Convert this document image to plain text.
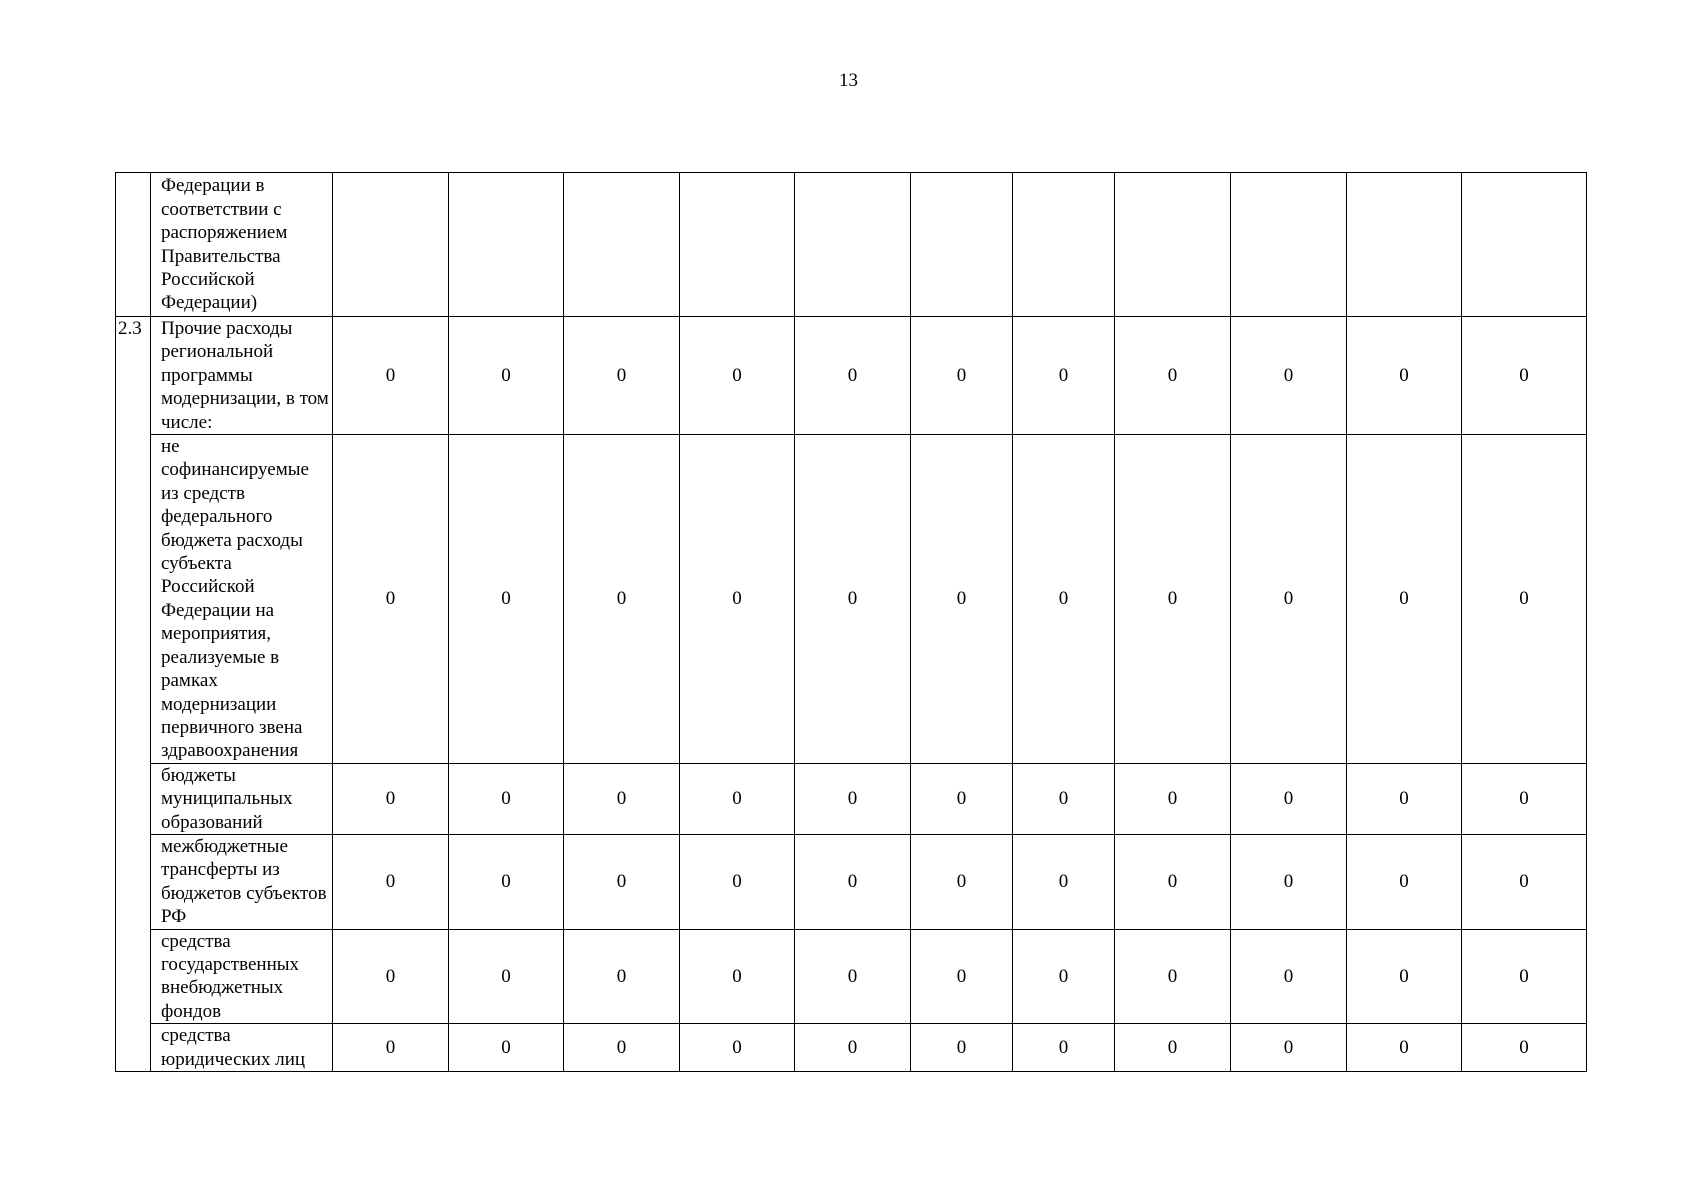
13
	Федерации в соответствии с распоряжением Правительства Российской Федерации)											
2.3	Прочие расходы региональной программы модернизации, в том числе:	0	0	0	0	0	0	0	0	0	0	0
	не софинансируемые из средств федерального бюджета расходы субъекта Российской Федерации на мероприятия, реализуемые в рамках модернизации первичного звена здравоохранения	0	0	0	0	0	0	0	0	0	0	0
	бюджеты муниципальных образований	0	0	0	0	0	0	0	0	0	0	0
	межбюджетные трансферты из бюджетов субъектов РФ	0	0	0	0	0	0	0	0	0	0	0
	средства государственных внебюджетных фондов	0	0	0	0	0	0	0	0	0	0	0
	средства юридических лиц	0	0	0	0	0	0	0	0	0	0	0
